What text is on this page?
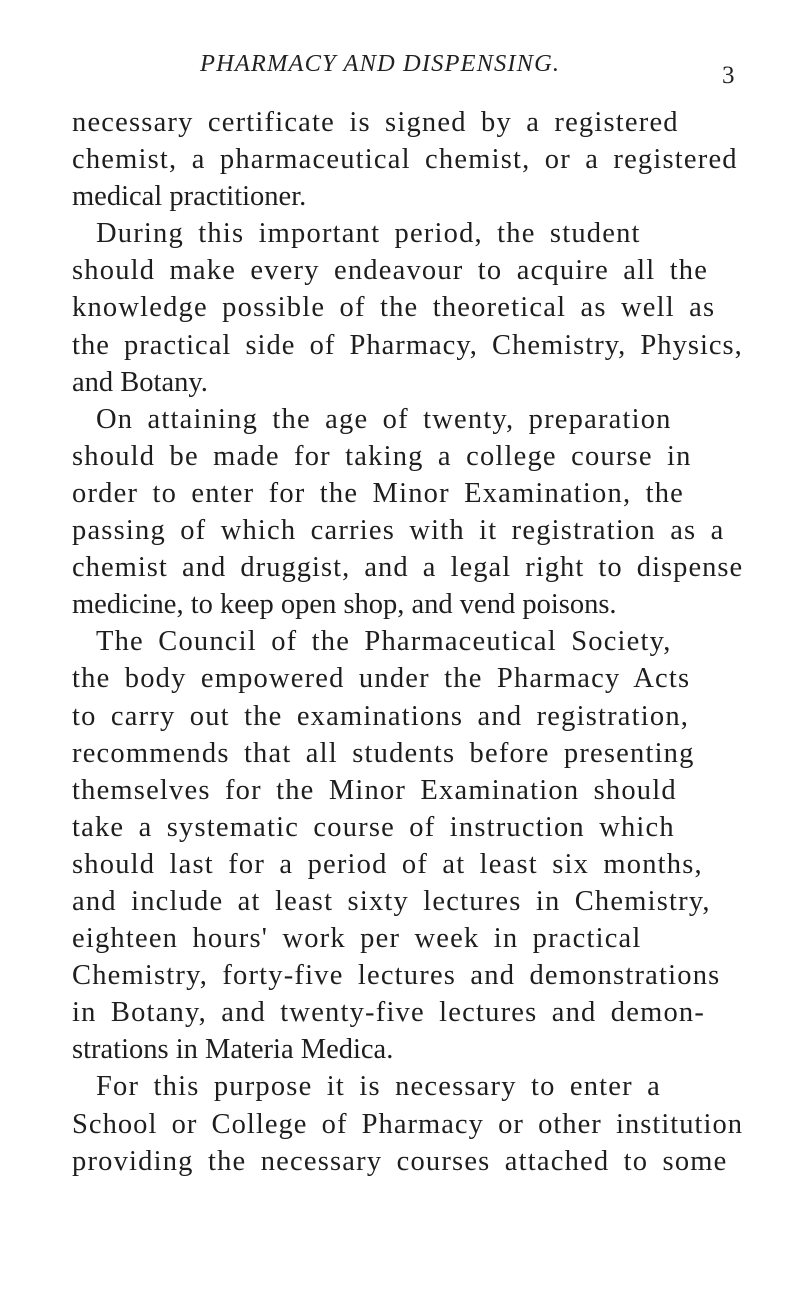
PHARMACY AND DISPENSING.	3
necessary certificate is signed by a registered
chemist, a pharmaceutical chemist, or a registered
medical practitioner.
During this important period, the student
should make every endeavour to acquire all the
knowledge possible of the theoretical as well as
the practical side of Pharmacy, Chemistry, Physics,
and Botany.
On attaining the age of twenty, preparation
should be made for taking a college course in
order to enter for the Minor Examination, the
passing of which carries with it registration as a
chemist and druggist, and a legal right to dispense
medicine, to keep open shop, and vend poisons.
The Council of the Pharmaceutical Society,
the body empowered under the Pharmacy Acts
to carry out the examinations and registration,
recommends that all students before presenting
themselves for the Minor Examination should
take a systematic course of instruction which
should last for a period of at least six months,
and include at least sixty lectures in Chemistry,
eighteen hours' work per week in practical
Chemistry, forty-five lectures and demonstrations
in Botany, and twenty-five lectures and demon-
strations in Materia Medica.
For this purpose it is necessary to enter a
School or College of Pharmacy or other institution
providing the necessary courses attached to some
